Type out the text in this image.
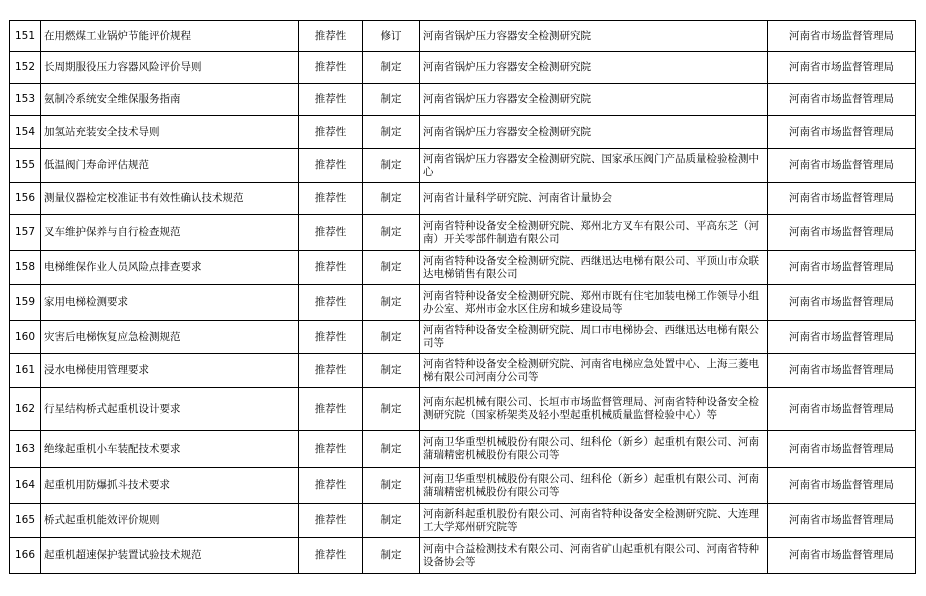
151	在用燃煤工业锅炉节能评价规程	推荐性	修订	河南省锅炉压力容器安全检测研究院	河南省市场监督管理局
152	长周期服役压力容器风险评价导则	推荐性	制定	河南省锅炉压力容器安全检测研究院	河南省市场监督管理局
153	氨制冷系统安全维保服务指南	推荐性	制定	河南省锅炉压力容器安全检测研究院	河南省市场监督管理局
154	加氢站充装安全技术导则	推荐性	制定	河南省锅炉压力容器安全检测研究院	河南省市场监督管理局
155	低温阀门寿命评估规范	推荐性	制定	河南省锅炉压力容器安全检测研究院、国家承压阀门产品质量检验检测中心	河南省市场监督管理局
156	测量仪器检定校准证书有效性确认技术规范	推荐性	制定	河南省计量科学研究院、河南省计量协会	河南省市场监督管理局
157	叉车维护保养与自行检查规范	推荐性	制定	河南省特种设备安全检测研究院、郑州北方叉车有限公司、平高东芝（河南）开关零部件制造有限公司	河南省市场监督管理局
158	电梯维保作业人员风险点排查要求	推荐性	制定	河南省特种设备安全检测研究院、西继迅达电梯有限公司、平顶山市众联达电梯销售有限公司	河南省市场监督管理局
159	家用电梯检测要求	推荐性	制定	河南省特种设备安全检测研究院、郑州市既有住宅加装电梯工作领导小组办公室、郑州市金水区住房和城乡建设局等	河南省市场监督管理局
160	灾害后电梯恢复应急检测规范	推荐性	制定	河南省特种设备安全检测研究院、周口市电梯协会、西继迅达电梯有限公司等	河南省市场监督管理局
161	浸水电梯使用管理要求	推荐性	制定	河南省特种设备安全检测研究院、河南省电梯应急处置中心、上海三菱电梯有限公司河南分公司等	河南省市场监督管理局
162	行星结构桥式起重机设计要求	推荐性	制定	河南东起机械有限公司、长垣市市场监督管理局、河南省特种设备安全检测研究院（国家桥架类及轻小型起重机械质量监督检验中心）等	河南省市场监督管理局
163	绝缘起重机小车装配技术要求	推荐性	制定	河南卫华重型机械股份有限公司、纽科伦（新乡）起重机有限公司、河南蒲瑞精密机械股份有限公司等	河南省市场监督管理局
164	起重机用防爆抓斗技术要求	推荐性	制定	河南卫华重型机械股份有限公司、纽科伦（新乡）起重机有限公司、河南蒲瑞精密机械股份有限公司等	河南省市场监督管理局
165	桥式起重机能效评价规则	推荐性	制定	河南新科起重机股份有限公司、河南省特种设备安全检测研究院、大连理工大学郑州研究院等	河南省市场监督管理局
166	起重机超速保护装置试验技术规范	推荐性	制定	河南中合益检测技术有限公司、河南省矿山起重机有限公司、河南省特种设备协会等	河南省市场监督管理局
